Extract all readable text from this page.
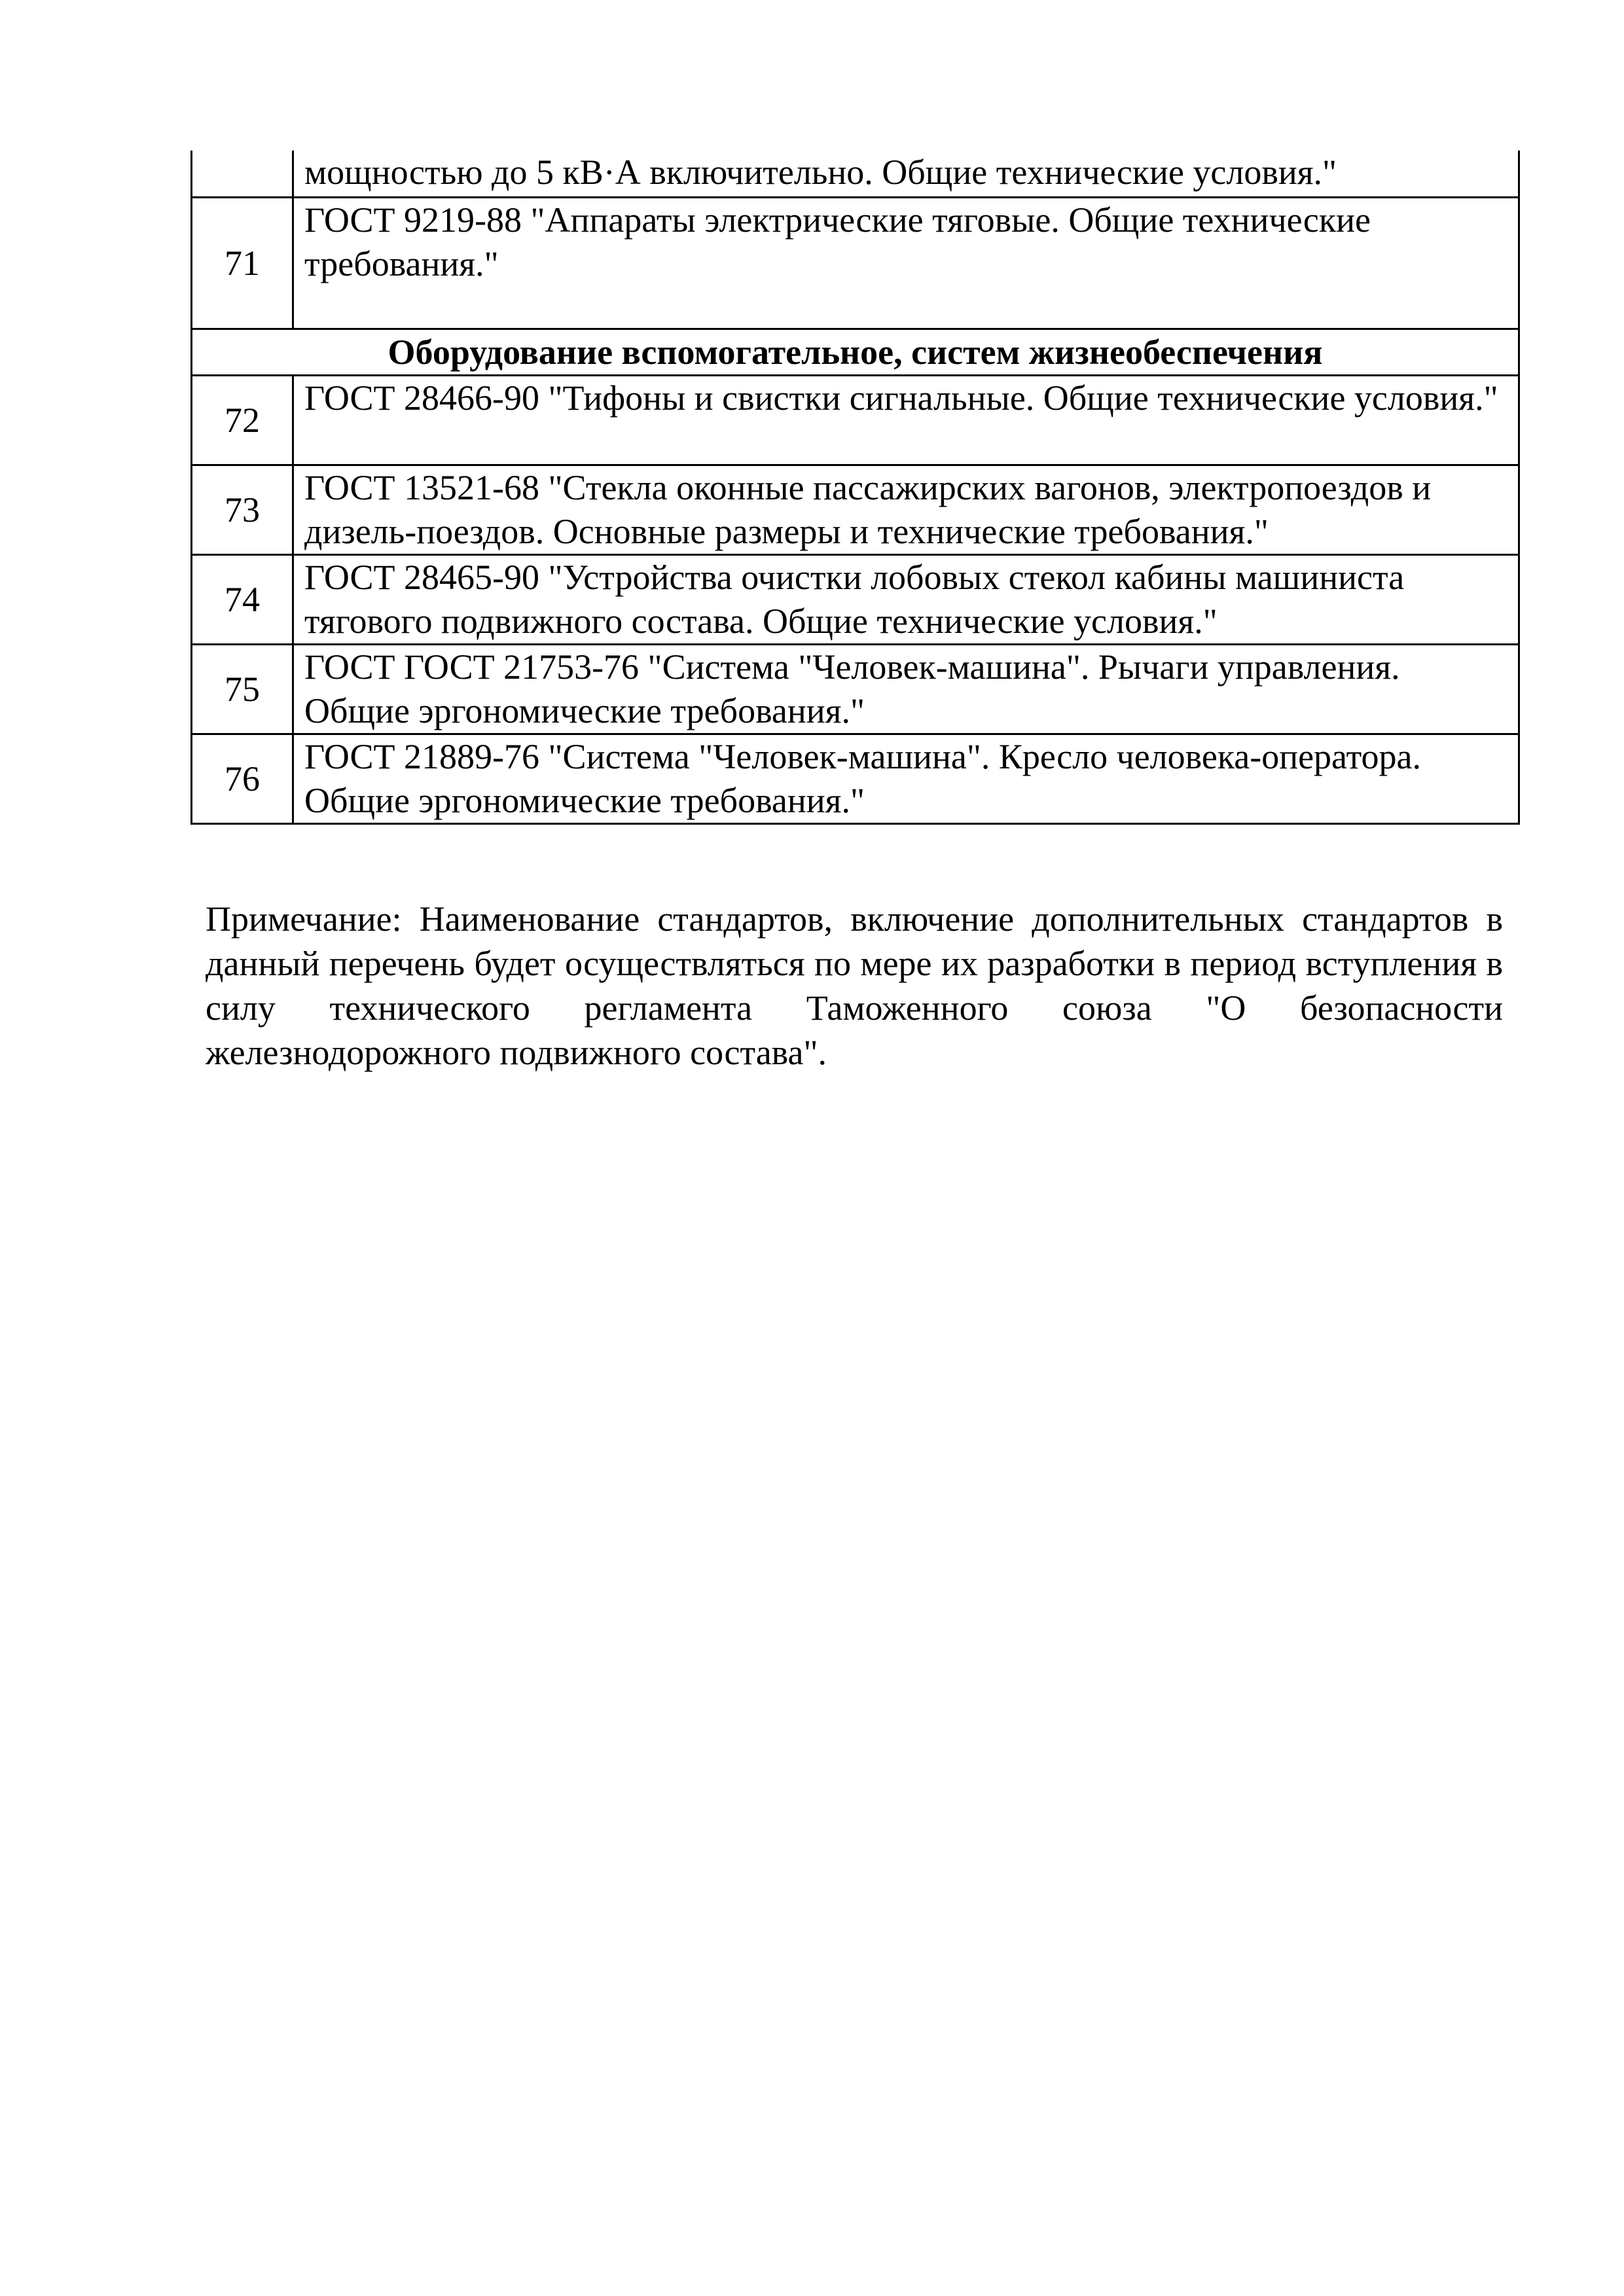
	мощностью до 5 кВ·А включительно. Общие технические условия."
71	ГОСТ 9219-88 "Аппараты электрические тяговые. Общие технические требования."
Оборудование вспомогательное, систем жизнеобеспечения	
72	ГОСТ 28466-90 "Тифоны и свистки сигнальные. Общие технические условия."
73	ГОСТ 13521-68 "Стекла оконные пассажирских вагонов, электропоездов и дизель-поездов. Основные размеры и технические требования."
74	ГОСТ 28465-90 "Устройства очистки лобовых стекол кабины машиниста тягового подвижного состава. Общие технические условия."
75	ГОСТ ГОСТ 21753-76 "Система "Человек-машина". Рычаги управления. Общие эргономические требования."
76	ГОСТ 21889-76 "Система "Человек-машина". Кресло человека-оператора. Общие эргономические требования."

Примечание: Наименование стандартов, включение дополнительных стандартов в данный перечень будет осуществляться по мере их разработки в период вступления в силу технического регламента Таможенного союза "О безопасности железнодорожного подвижного состава".
